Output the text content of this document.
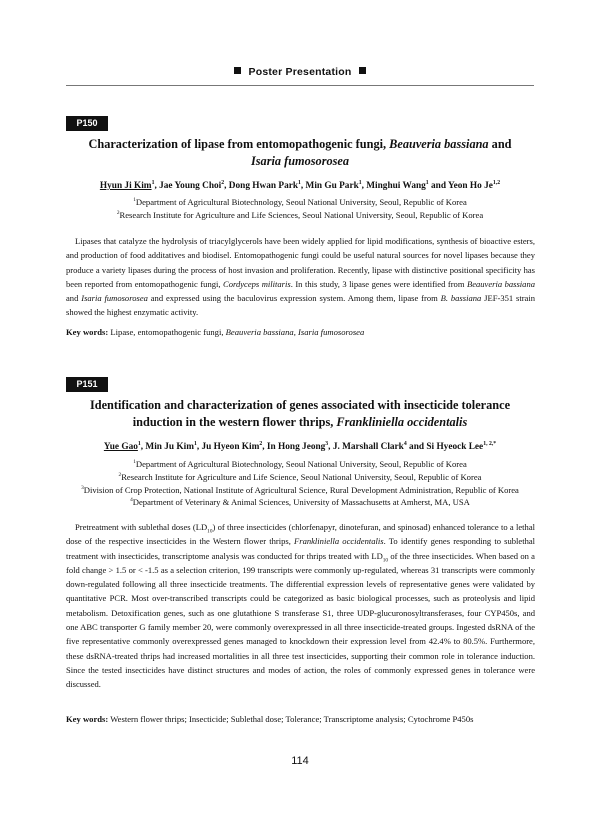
Poster Presentation
P150
Characterization of lipase from entomopathogenic fungi, Beauveria bassiana and
Isaria fumosorosea
Hyun Ji Kim$^1$, Jae Young Choi$^2$, Dong Hwan Park$^1$, Min Gu Park$^1$, Minghui Wang$^1$ and Yeon Ho Je$^{1,2}$
$^1$Department of Agricultural Biotechnology, Seoul National University, Seoul, Republic of Korea
$^2$Research Institute for Agriculture and Life Sciences, Seoul National University, Seoul, Republic of Korea

Lipases that catalyze the hydrolysis of triacylglycerols have been widely applied for lipid modifications, synthesis of bioactive esters, and production of food additatives and biodisel. Entomopathogenic fungi could be useful natural sources for novel lipases because they produce a variety lipases during the process of host invasion and proliferation. Recently, lipase with distinctive positional specificity has been reported from entomopathogenic fungi, Cordyceps militaris. In this study, 3 lipase genes were identified from Beauveria bassiana and Isaria fumosorosea and expressed using the baculovirus expression system. Among them, lipase from B. bassiana JEF-351 strain showed the highest enzymatic activity.

Key words: Lipase, entomopathogenic fungi, Beauveria bassiana, Isaria fumosorosea
P151
Identification and characterization of genes associated with insecticide tolerance induction in the western flower thrips, Frankliniella occidentalis
Yue Gao$^1$, Min Ju Kim$^1$, Ju Hyeon Kim$^2$, In Hong Jeong$^3$, J. Marshall Clark$^4$ and Si Hyeock Lee$^{1, 2,*}$
$^1$Department of Agricultural Biotechnology, Seoul National University, Seoul, Republic of Korea
$^2$Research Institute for Agriculture and Life Science, Seoul National University, Seoul, Republic of Korea
$^3$Division of Crop Protection, National Institute of Agricultural Science, Rural Development Administration, Republic of Korea
$^4$Department of Veterinary & Animal Sciences, University of Massachusetts at Amherst, MA, USA

Pretreatment with sublethal doses $(LD_{10})$ of three insecticides (chlorfenapyr, dinotefuran, and spinosad) enhanced tolerance to a lethal dose of the respective insecticides in the Western flower thrips, Frankliniella occidentalis. To identify genes responding to sublethal treatment with insecticides, transcriptome analysis was conducted for thrips treated with $LD_{10}$ of the three insecticides. When based on a fold change > 1.5 or < -1.5 as a selection criterion, 199 transcripts were commonly up-regulated, whereas 31 transcripts were commonly down-regulated following all three insecticide treatments. The differential expression levels of representative genes were validated by quantitative PCR. Most over-transcribed transcripts could be categorized as basic biological processes, such as proteolysis and lipid metabolism. Detoxification genes, such as one glutathione S transferase S1, three UDP-glucuronosyltransferases, four CYP450s, and one ABC transporter G family member 20, were commonly overexpressed in all three insecticide-treated groups. Ingested dsRNA of the five representative commonly overexpressed genes managed to knockdown their expression level from 42.4% to 80.5%. Furthermore, these dsRNA-treated thrips had increased mortalities in all three test insecticides, supporting their common role in tolerance induction. Since the tested insecticides have distinct structures and modes of action, the roles of commonly expressed genes in tolerance were discussed.

Key words: Western flower thrips; Insecticide; Sublethal dose; Tolerance; Transcriptome analysis; Cytochrome P450s
114
